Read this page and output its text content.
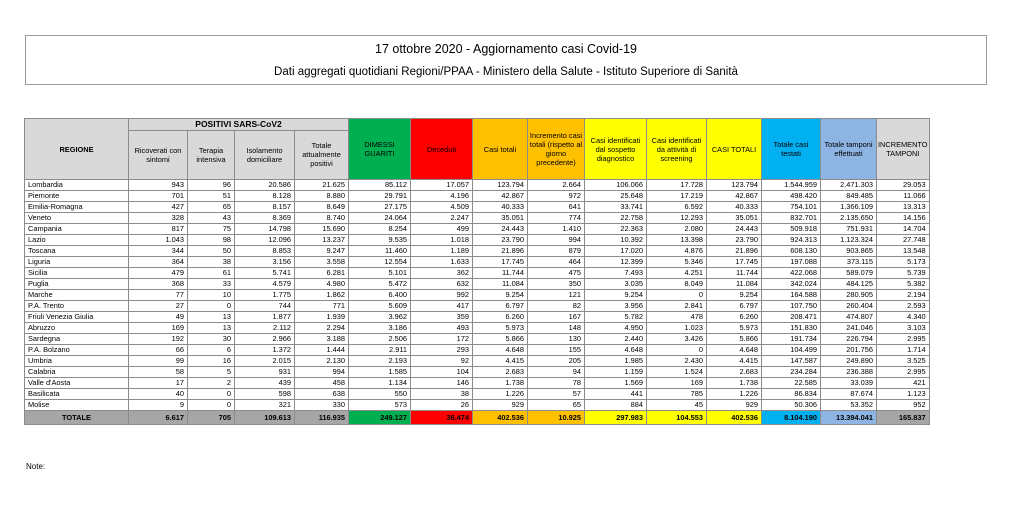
17 ottobre 2020 - Aggiornamento casi Covid-19
Dati aggregati quotidiani Regioni/PPAA - Ministero della Salute - Istituto Superiore di Sanità
REGIONE	POSITIVI SARS-CoV2				DIMESSI GUARITI	Deceduti	Casi totali	Incremento casi totali (rispetto al giorno precedente)	Casi identificati dal sospetto diagnostico	Casi identificati da attività di screening	CASI TOTALI	Totale casi testati	Totale tamponi effettuati	INCREMENTO TAMPONI
	Ricoverati con sintomi	Terapia intensiva	Isolamento domiciliare	Totale attualmente positivi										
Lombardia	943	96	20.586	21.625	85.112	17.057	123.794	2.664	106.066	17.728	123.794	1.544.959	2.471.303	29.053
Piemonte	701	51	8.128	8.880	29.791	4.196	42.867	972	25.648	17.219	42.867	498.420	849.485	11.066
Emilia-Romagna	427	65	8.157	8.649	27.175	4.509	40.333	641	33.741	6.592	40.333	754.101	1.366.109	13.313
Veneto	328	43	8.369	8.740	24.064	2.247	35.051	774	22.758	12.293	35.051	832.701	2.135.650	14.156
Campania	817	75	14.798	15.690	8.254	499	24.443	1.410	22.363	2.080	24.443	509.918	751.931	14.704
Lazio	1.043	98	12.096	13.237	9.535	1.018	23.790	994	10.392	13.398	23.790	924.313	1.123.324	27.748
Toscana	344	50	8.853	9.247	11.460	1.189	21.896	879	17.020	4.876	21.896	608.130	903.865	13.548
Liguria	364	38	3.156	3.558	12.554	1.633	17.745	464	12.399	5.346	17.745	197.088	373.115	5.173
Sicilia	479	61	5.741	6.281	5.101	362	11.744	475	7.493	4.251	11.744	422.068	589.079	5.739
Puglia	368	33	4.579	4.980	5.472	632	11.084	350	3.035	8.049	11.084	342.024	484.125	5.382
Marche	77	10	1.775	1.862	6.400	992	9.254	121	9.254	0	9.254	164.588	280.905	2.194
P.A. Trento	27	0	744	771	5.609	417	6.797	82	3.956	2.841	6.797	107.750	260.404	2.593
Friuli Venezia Giulia	49	13	1.877	1.939	3.962	359	6.260	167	5.782	478	6.260	208.471	474.807	4.340
Abruzzo	169	13	2.112	2.294	3.186	493	5.973	148	4.950	1.023	5.973	151.830	241.046	3.103
Sardegna	192	30	2.966	3.188	2.506	172	5.866	130	2.440	3.426	5.866	191.734	226.794	2.995
P.A. Bolzano	66	6	1.372	1.444	2.911	293	4.648	155	4.648	0	4.648	104.499	201.756	1.714
Umbria	99	16	2.015	2.130	2.193	92	4.415	205	1.985	2.430	4.415	147.587	249.890	3.525
Calabria	58	5	931	994	1.585	104	2.683	94	1.159	1.524	2.683	234.284	236.388	2.995
Valle d'Aosta	17	2	439	458	1.134	146	1.738	78	1.569	169	1.738	22.585	33.039	421
Basilicata	40	0	598	638	550	38	1.226	57	441	785	1.226	86.834	87.674	1.123
Molise	9	0	321	330	573	26	929	65	884	45	929	50.306	53.352	952
TOTALE	6.617	705	109.613	116.935	249.127	36.474	402.536	10.925	297.983	104.553	402.536	8.104.190	13.394.041	165.837
Note:
